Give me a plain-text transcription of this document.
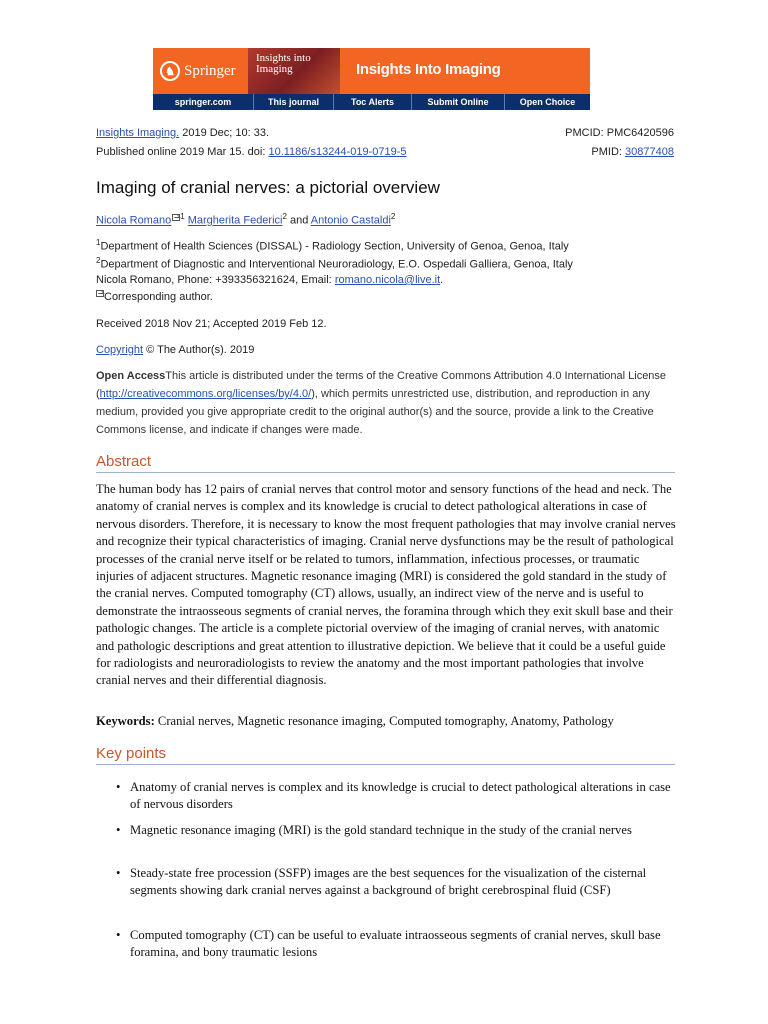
♞ Springer
Insights into Imaging	Insights Into Imaging
springer.com	This journal	Toc Alerts	Submit Online	Open Choice
Insights Imaging. 2019 Dec; 10: 33.	PMCID: PMC6420596
Published online 2019 Mar 15. doi: 10.1186/s13244-019-0719-5	PMID: 30877408
Imaging of cranial nerves: a pictorial overview
Nicola Romano $^1$ Margherita Federici$^2$ and Antonio Castaldi$^2$
$^1$Department of Health Sciences (DISSAL) - Radiology Section, University of Genoa, Genoa, Italy
$^2$Department of Diagnostic and Interventional Neuroradiology, E.O. Ospedali Galliera, Genoa, Italy
Nicola Romano, Phone: +393356321624, Email: romano.nicola@live.it.
Corresponding author.
Received 2018 Nov 21; Accepted 2019 Feb 12.
Copyright © The Author(s). 2019
Open AccessThis article is distributed under the terms of the Creative Commons Attribution 4.0 International License (http://creativecommons.org/licenses/by/4.0/), which permits unrestricted use, distribution, and reproduction in any medium, provided you give appropriate credit to the original author(s) and the source, provide a link to the Creative Commons license, and indicate if changes were made.
Abstract
The human body has 12 pairs of cranial nerves that control motor and sensory functions of the head and neck. The anatomy of cranial nerves is complex and its knowledge is crucial to detect pathological alterations in case of nervous disorders. Therefore, it is necessary to know the most frequent pathologies that may involve cranial nerves and recognize their typical characteristics of imaging. Cranial nerve dysfunctions may be the result of pathological processes of the cranial nerve itself or be related to tumors, inflammation, infectious processes, or traumatic injuries of adjacent structures. Magnetic resonance imaging (MRI) is considered the gold standard in the study of the cranial nerves. Computed tomography (CT) allows, usually, an indirect view of the nerve and is useful to demonstrate the intraosseous segments of cranial nerves, the foramina through which they exit skull base and their pathologic changes. The article is a complete pictorial overview of the imaging of cranial nerves, with anatomic and pathologic descriptions and great attention to illustrative depiction. We believe that it could be a useful guide for radiologists and neuroradiologists to review the anatomy and the most important pathologies that involve cranial nerves and their differential diagnosis.
Keywords: Cranial nerves, Magnetic resonance imaging, Computed tomography, Anatomy, Pathology
Key points
• Anatomy of cranial nerves is complex and its knowledge is crucial to detect pathological alterations in case of nervous disorders
• Magnetic resonance imaging (MRI) is the gold standard technique in the study of the cranial nerves
• Steady-state free procession (SSFP) images are the best sequences for the visualization of the cisternal segments showing dark cranial nerves against a background of bright cerebrospinal fluid (CSF)
• Computed tomography (CT) can be useful to evaluate intraosseous segments of cranial nerves, skull base foramina, and bony traumatic lesions
